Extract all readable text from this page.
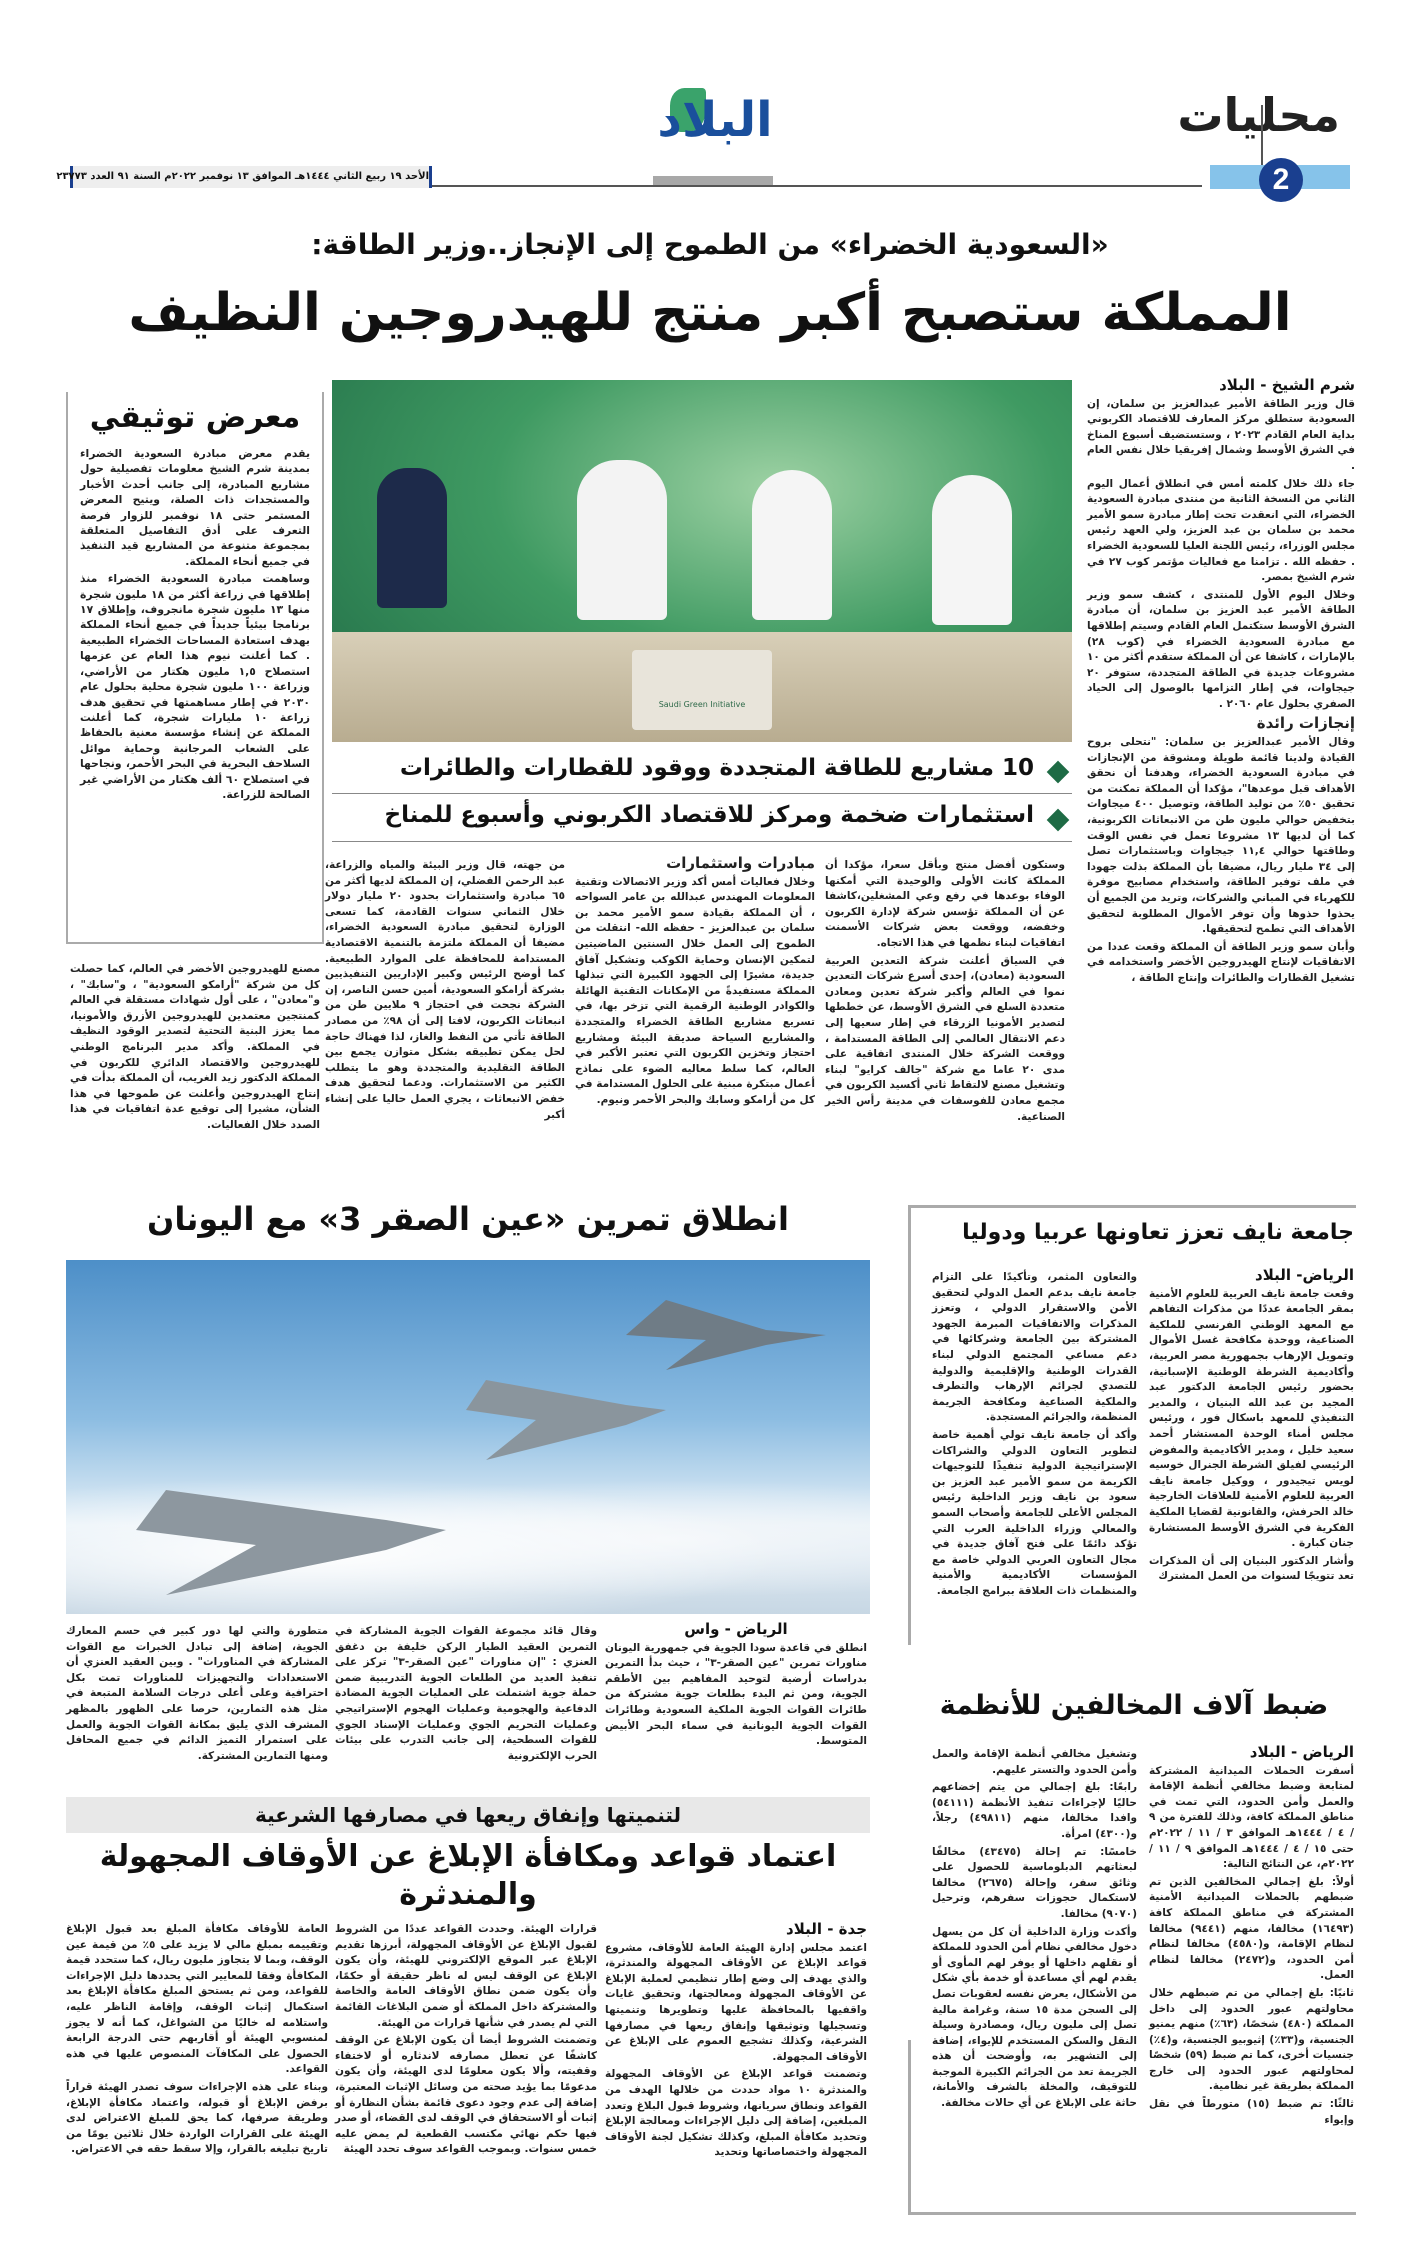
محليات
2
البلاد
الأحد ١٩ ربيع الثاني ١٤٤٤هـ الموافق ١٣ نوفمبر ٢٠٢٢م السنة ٩١ العدد ٢٣٧٧٣
«السعودية الخضراء» من الطموح إلى الإنجاز..وزير الطاقة:
المملكة ستصبح أكبر منتج للهيدروجين النظيف
شرم الشيخ - البلاد

قال وزير الطاقة الأمير عبدالعزيز بن سلمان، إن السعودية ستطلق مركز المعارف للاقتصاد الكربوني بداية العام القادم ٢٠٢٣ ، وستستضيف أسبوع المناخ في الشرق الأوسط وشمال إفريقيا خلال نفس العام .

جاء ذلك خلال كلمته أمس في انطلاق أعمال اليوم الثاني من النسخة الثانية من منتدى مبادرة السعودية الخضراء، التي انعقدت تحت إطار مبادرة سمو الأمير محمد بن سلمان بن عبد العزيز، ولي العهد رئيس مجلس الوزراء، رئيس اللجنة العليا للسعودية الخضراء . حفظه الله . تزامنا مع فعاليات مؤتمر كوب ٢٧ في شرم الشيخ بمصر.

وخلال اليوم الأول للمنتدى ، كشف سمو وزير الطاقة الأمير عبد العزيز بن سلمان، أن مبادرة الشرق الأوسط ستكتمل العام القادم وسيتم إطلاقها مع مبادرة السعودية الخضراء في (كوب ٢٨) بالإمارات ، كاشفا عن أن المملكة ستقدم أكثر من ١٠ مشروعات جديدة في الطاقة المتجددة، ستوفر ٢٠ جيجاوات، في إطار التزامها بالوصول إلى الحياد الصفري بحلول عام ٢٠٦٠ .

إنجازات رائدة

وقال الأمير عبدالعزيز بن سلمان: "نتحلى بروح القيادة ولدينا قائمة طويلة ومشوقة من الإنجازات في مبادرة السعودية الخضراء، وهدفنا أن نحقق الأهداف قبل موعدها"، مؤكدا أن المملكة تمكنت من تحقيق ٥٠٪ من توليد الطاقة، وتوصيل ٤٠٠ ميجاوات بتخفيض حوالي مليون طن من الانبعاثات الكربونية، كما أن لديها ١٣ مشروعا تعمل في نفس الوقت وطاقتها حوالي ١١,٤ جيجاوات وباستثمارات تصل إلى ٣٤ مليار ريال، مضيفا بأن المملكة بذلت جهودا في ملف توفير الطاقة، واستخدام مصابيح موفرة للكهرباء في المباني والشركات، وتريد من الجميع أن يحذوا حذوها وأن توفر الأموال المطلوبة لتحقيق الأهداف التي تطمح لتحقيقها.

وأبان سمو وزير الطاقة أن المملكة وقعت عددا من الاتفاقيات لإنتاج الهيدروجين الأخضر واستخدامه في تشغيل القطارات والطائرات وإنتاج الطاقة ،

Saudi Green Initiative
10 مشاريع للطاقة المتجددة ووقود للقطارات والطائرات
استثمارات ضخمة ومركز للاقتصاد الكربوني وأسبوع للمناخ

وستكون أفضل منتج وبأقل سعرا، مؤكدا أن المملكة كانت الأولى والوحيدة التي أمكنها الوفاء بوعدها في رفع وعي المشغلين،كاشفا عن أن المملكة تؤسس شركة لإدارة الكربون وخفضه، ووقعت بعض شركات الأسمنت اتفاقيات لبناء نظمها في هذا الاتجاه.

في السياق أعلنت شركة التعدين العربية السعودية (معادن)، إحدى أسرع شركات التعدين نموا في العالم وأكبر شركة تعدين ومعادن متعددة السلع في الشرق الأوسط، عن خططها لتصدير الأمونيا الزرقاء في إطار سعيها إلى دعم الانتقال العالمي إلى الطاقة المستدامة ، ووقعت الشركة خلال المنتدى اتفاقية على مدى ٢٠ عاما مع شركة "جالف كرايو" لبناء وتشغيل مصنع لالتقاط ثاني أكسيد الكربون في مجمع معادن للفوسفات في مدينة رأس الخير الصناعية.

مبادرات واستثمارات

وخلال فعاليات أمس أكد وزير الاتصالات وتقنية المعلومات المهندس عبدالله بن عامر السواحه ، أن المملكة بقيادة سمو الأمير محمد بن سلمان بن عبدالعزيز - حفظه الله- انتقلت من الطموح إلى العمل خلال السنتين الماضيتين لتمكين الإنسان وحماية الكوكب وتشكيل آفاق جديدة، مشيرًا إلى الجهود الكبيرة التي تبذلها المملكة مستفيدةً من الإمكانات التقنية الهائلة والكوادر الوطنية الرقمية التي تزخر بها، في تسريع مشاريع الطاقة الخضراء والمتجددة والمشاريع السياحة صديقة البيئة ومشاريع احتجاز وتخزين الكربون التي تعتبر الأكبر في العالم، كما سلط معاليه الضوء على نماذج أعمال مبتكرة مبنية على الحلول المستدامة في كل من أرامكو وسابك والبحر الأحمر ونيوم.

من جهته، قال وزير البيئة والمياه والزراعة، عبد الرحمن الفضلي، إن المملكة لديها أكثر من ٦٥ مبادرة واستثمارات بحدود ٢٠ مليار دولار خلال الثماني سنوات القادمة، كما تسعى الوزارة لتحقيق مبادرة السعودية الخضراء، مضيفا أن المملكة ملتزمة بالتنمية الاقتصادية المستدامة للمحافظة على الموارد الطبيعية. كما أوضح الرئيس وكبير الإداريين التنفيذيين بشركة أرامكو السعودية، أمين حسن الناصر، إن الشركة نجحت في احتجاز ٩ ملايين طن من انبعاثات الكربون، لافتا إلى أن ٩٨٪ من مصادر الطاقة تأتي من النفط والغاز، لذا فهناك حاجة لحل يمكن تطبيقه بشكل متوازن يجمع بين الطاقة التقليدية والمتجددة وهو ما يتطلب الكثير من الاستثمارات. ودعما لتحقيق هدف خفض الانبعاثات ، يجري العمل حاليا على إنشاء أكبر

معرض توثيقي

يقدم معرض مبادرة السعودية الخضراء بمدينة شرم الشيخ معلومات تفصيلية حول مشاريع المبادرة، إلى جانب أحدث الأخبار والمستجدات ذات الصلة، ويتيح المعرض المستمر حتى ١٨ نوفمبر للزوار فرصة التعرف على أدق التفاصيل المتعلقة بمجموعة متنوعة من المشاريع قيد التنفيذ في جميع أنحاء المملكة.

وساهمت مبادرة السعودية الخضراء منذ إطلاقها في زراعة أكثر من ١٨ مليون شجرة منها ١٣ مليون شجرة مانجروف، وإطلاق ١٧ برنامجا بيئياً جديداً في جميع أنحاء المملكة بهدف استعادة المساحات الخضراء الطبيعية . كما أعلنت نيوم هذا العام عن عزمها استصلاح ١,٥ مليون هكتار من الأراضي، وزراعة ١٠٠ مليون شجرة محلية بحلول عام ٢٠٣٠ في إطار مساهمتها في تحقيق هدف زراعة ١٠ مليارات شجرة، كما أعلنت المملكة عن إنشاء مؤسسة معنية بالحفاظ على الشعاب المرجانية وحماية موائل السلاحف البحرية في البحر الأحمر، ونجاحها في استصلاح ٦٠ ألف هكتار من الأراضي غير الصالحة للزراعة.

مصنع للهيدروجين الأخضر في العالم، كما حصلت كل من شركة "أرامكو السعودية" ، و"سابك" ، و"معادن" ، على أول شهادات مستقلة في العالم كمنتجين معتمدين للهيدروجين الأزرق والأمونيا، مما يعزز البنية التحتية لتصدير الوقود النظيف في المملكة. وأكد مدير البرنامج الوطني للهيدروجين والاقتصاد الدائري للكربون في المملكة الدكتور زيد الغريب، أن المملكة بدأت في إنتاج الهيدروجين وأعلنت عن طموحها في هذا الشأن، مشيرا إلى توقيع عدة اتفاقيات في هذا الصدد خلال الفعاليات.

انطلاق تمرين «عين الصقر 3» مع اليونان
الرياض - واس

انطلق في قاعدة سودا الجوية في جمهورية اليونان مناورات تمرين "عين الصقر-٣" ، حيث بدأ التمرين بدراسات أرضية لتوحيد المفاهيم بين الأطقم الجوية، ومن ثم البدء بطلعات جوية مشتركة من طائرات القوات الجوية الملكية السعودية وطائرات القوات الجوية اليونانية في سماء البحر الأبيض المتوسط.

وقال قائد مجموعة القوات الجوية المشاركة في التمرين العقيد الطيار الركن خليفة بن دغفق العنزي : "إن مناورات "عين الصقر-٣" تركز على تنفيذ العديد من الطلعات الجوية التدريبية ضمن حملة جوية اشتملت على العمليات الجوية المضادة الدفاعية والهجومية وعمليات الهجوم الإستراتيجي وعمليات التحريم الجوي وعمليات الإسناد الجوي للقوات السطحية، إلى جانب التدرب على بيئات الحرب الإلكترونية

متطورة والتي لها دور كبير في حسم المعارك الجوية، إضافة إلى تبادل الخبرات مع القوات المشاركة في المناورات" . وبين العقيد العنزي أن الاستعدادات والتجهيزات للمناورات تمت بكل احترافية وعلى أعلى درجات السلامة المتبعة في مثل هذه التمارين، حرصا على الظهور بالمظهر المشرف الذي يليق بمكانة القوات الجوية والعمل على استمرار التميز الدائم في جميع المحافل ومنها التمارين المشتركة.

جامعة نايف تعزز تعاونها عربيا ودوليا
الرياض- البلاد

وقعت جامعة نايف العربية للعلوم الأمنية بمقر الجامعة عددًا من مذكرات التفاهم مع المعهد الوطني الفرنسي للملكية الصناعية، ووحدة مكافحة غسل الأموال وتمويل الإرهاب بجمهورية مصر العربية، وأكاديمية الشرطة الوطنية الإسبانية، بحضور رئيس الجامعة الدكتور عبد المجيد بن عبد الله البنيان ، والمدير التنفيذي للمعهد باسكال فور ، ورئيس مجلس أمناء الوحدة المستشار أحمد سعيد خليل ، ومدير الأكاديمية والمفوض الرئيسي لفيلق الشرطة الجنرال خوسيه لويس تيجيدور ، ووكيل جامعة نايف العربية للعلوم الأمنية للعلاقات الخارجية خالد الحرفش، والقانونية لقضايا الملكية الفكرية في الشرق الأوسط المستشارة جنان كبارة .

وأشار الدكتور البنيان إلى أن المذكرات تعد تتويجًا لسنوات من العمل المشترك

والتعاون المثمر، وتأكيدًا على التزام جامعة نايف بدعم العمل الدولي لتحقيق الأمن والاستقرار الدولي ، وتعزز المذكرات والاتفاقيات المبرمة الجهود المشتركة بين الجامعة وشركائها في دعم مساعي المجتمع الدولي لبناء القدرات الوطنية والإقليمية والدولية للتصدي لجرائم الإرهاب والتطرف والملكية الصناعية ومكافحة الجريمة المنظمة، والجرائم المستجدة.

وأكد أن جامعة نايف تولي أهمية خاصة لتطوير التعاون الدولي والشراكات الإستراتيجية الدولية تنفيذًا للتوجيهات الكريمة من سمو الأمير عبد العزيز بن سعود بن نايف وزير الداخلية رئيس المجلس الأعلى للجامعة وأصحاب السمو والمعالي وزراء الداخلية العرب التي تؤكد دائمًا على فتح آفاق جديدة في مجال التعاون العربي الدولي خاصة مع المؤسسات الأكاديمية والأمنية والمنظمات ذات العلاقة ببرامج الجامعة.

ضبط آلاف المخالفين للأنظمة
الرياض - البلاد

أسفرت الحملات الميدانية المشتركة لمتابعة وضبط مخالفي أنظمة الإقامة والعمل وأمن الحدود، التي تمت في مناطق المملكة كافة، وذلك للفترة من ٩ / ٤ / ١٤٤٤هـ الموافق ٣ / ١١ / ٢٠٢٢م حتى ١٥ / ٤ / ١٤٤٤هـ الموافق ٩ / ١١ / ٢٠٢٢م، عن النتائج التالية:

أولاً: بلغ إجمالي المخالفين الذين تم ضبطهم بالحملات الميدانية الأمنية المشتركة في مناطق المملكة كافة (١٦٤٩٣) مخالفا، منهم (٩٤٤١) مخالفا لنظام الإقامة، و(٤٥٨٠) مخالفا لنظام أمن الحدود، و(٢٤٧٢) مخالفا لنظام العمل.

ثانيًا: بلغ إجمالي من تم ضبطهم خلال محاولتهم عبور الحدود إلى داخل المملكة (٤٨٠) شخصًا، (٦٣٪) منهم يمنيو الجنسية، و(٣٣٪) إثيوبيو الجنسية، و(٤٪) جنسيات أخرى، كما تم ضبط (٥٩) شخصًا لمحاولتهم عبور الحدود إلى خارج المملكة بطريقة غير نظامية.

ثالثًا: تم ضبط (١٥) متورطاً في نقل وإيواء

وتشغيل مخالفي أنظمة الإقامة والعمل وأمن الحدود والتستر عليهم.

رابعًا: بلغ إجمالي من يتم إخضاعهم حاليًا لإجراءات تنفيذ الأنظمة (٥٤١١١) وافدا مخالفا، منهم (٤٩٨١١) رجلاً، و(٤٣٠٠) امرأة.

خامسًا: تم إحالة (٤٣٤٧٥) مخالفًا لبعثاتهم الدبلوماسية للحصول على وثائق سفر، وإحالة (٢٦٧٥) مخالفا لاستكمال حجوزات سفرهم، وترحيل (٩٠٧٠) مخالفا.

وأكدت وزارة الداخلية أن كل من يسهل دخول مخالفي نظام أمن الحدود للمملكة أو نقلهم داخلها أو يوفر لهم المأوى أو يقدم لهم أي مساعدة أو خدمة بأي شكل من الأشكال، يعرض نفسه لعقوبات تصل إلى السجن مدة ١٥ سنة، وغرامة مالية تصل إلى مليون ريال، ومصادرة وسيلة النقل والسكن المستخدم للإيواء، إضافة إلى التشهير به، وأوضحت أن هذه الجريمة تعد من الجرائم الكبيرة الموجبة للتوقيف، والمخلة بالشرف والأمانة، حاثة على الإبلاغ عن أي حالات مخالفة.

لتنميتها وإنفاق ريعها في مصارفها الشرعية
اعتماد قواعد ومكافأة الإبلاغ عن الأوقاف المجهولة والمندثرة
جدة - البلاد

اعتمد مجلس إدارة الهيئة العامة للأوقاف، مشروع قواعد الإبلاغ عن الأوقاف المجهولة والمندثرة، والذي يهدف إلى وضع إطار تنظيمي لعملية الإبلاغ عن الأوقاف المجهولة ومعالجتها، وتحقيق غايات واقفيها بالمحافظة عليها وتطويرها وتنميتها وتسجيلها وتوثيقها وإنفاق ريعها في مصارفها الشرعية، وكذلك تشجيع العموم على الإبلاغ عن الأوقاف المجهولة.

وتضمنت قواعد الإبلاغ عن الأوقاف المجهولة والمندثرة ١٠ مواد حددت من خلالها الهدف من القواعد ونطاق سريانها، وشروط قبول البلاغ وتعدد المبلغين، إضافة إلى دليل الإجراءات ومعالجة الإبلاغ وتحديد مكافأة المبلغ، وكذلك تشكيل لجنة الأوقاف المجهولة واختصاصاتها وتحديد

قرارات الهيئة. وحددت القواعد عددًا من الشروط لقبول الإبلاغ عن الأوقاف المجهولة، أبرزها تقديم الإبلاغ عبر الموقع الإلكتروني للهيئة، وأن يكون الإبلاغ عن الوقف ليس له ناظر حقيقة أو حكمًا، وأن يكون ضمن نطاق الأوقاف العامة والخاصة والمشتركة داخل المملكة أو ضمن البلاغات القائمة التي لم يصدر في شأنها قرارات من الهيئة.

وتضمنت الشروط أيضا أن يكون الإبلاغ عن الوقف كاشفًا عن تعطل مصارفه لاندثاره أو لاختفاء وقفيته، وألا يكون معلومًا لدى الهيئة، وأن يكون مدعومًا بما يؤيد صحته من وسائل الإثبات المعتبرة، إضافة إلى عدم وجود دعوى قائمة بشأن النظارة أو إثبات أو الاستحقاق في الوقف لدى القضاء، أو صدر فيها حكم نهائي مكتسب القطعية لم يمض عليه خمس سنوات. وبموجب القواعد سوف تحدد الهيئة

العامة للأوقاف مكافأة المبلغ بعد قبول الإبلاغ وتقييمه بمبلغ مالي لا يزيد على ٥٪ من قيمة عين الوقف، وبما لا يتجاوز مليون ريال، كما ستحدد قيمة المكافأة وفقا للمعايير التي يحددها دليل الإجراءات للقواعد، ومن ثم يستحق المبلغ مكافأة الإبلاغ بعد استكمال إثبات الوقف، وإقامة الناظر عليه، واستلامه له خاليًا من الشواغل، كما أنه لا يجوز لمنسوبي الهيئة أو أقاربهم حتى الدرجة الرابعة الحصول على المكافآت المنصوص عليها في هذه القواعد.

وبناء على هذه الإجراءات سوف تصدر الهيئة قراراً برفض الإبلاغ أو قبوله، واعتماد مكافأة الإبلاغ، وطريقة صرفها، كما يحق للمبلغ الاعتراض لدى الهيئة على القرارات الواردة خلال ثلاثين يومًا من تاريخ تبليغه بالقرار، وإلا سقط حقه في الاعتراض.
